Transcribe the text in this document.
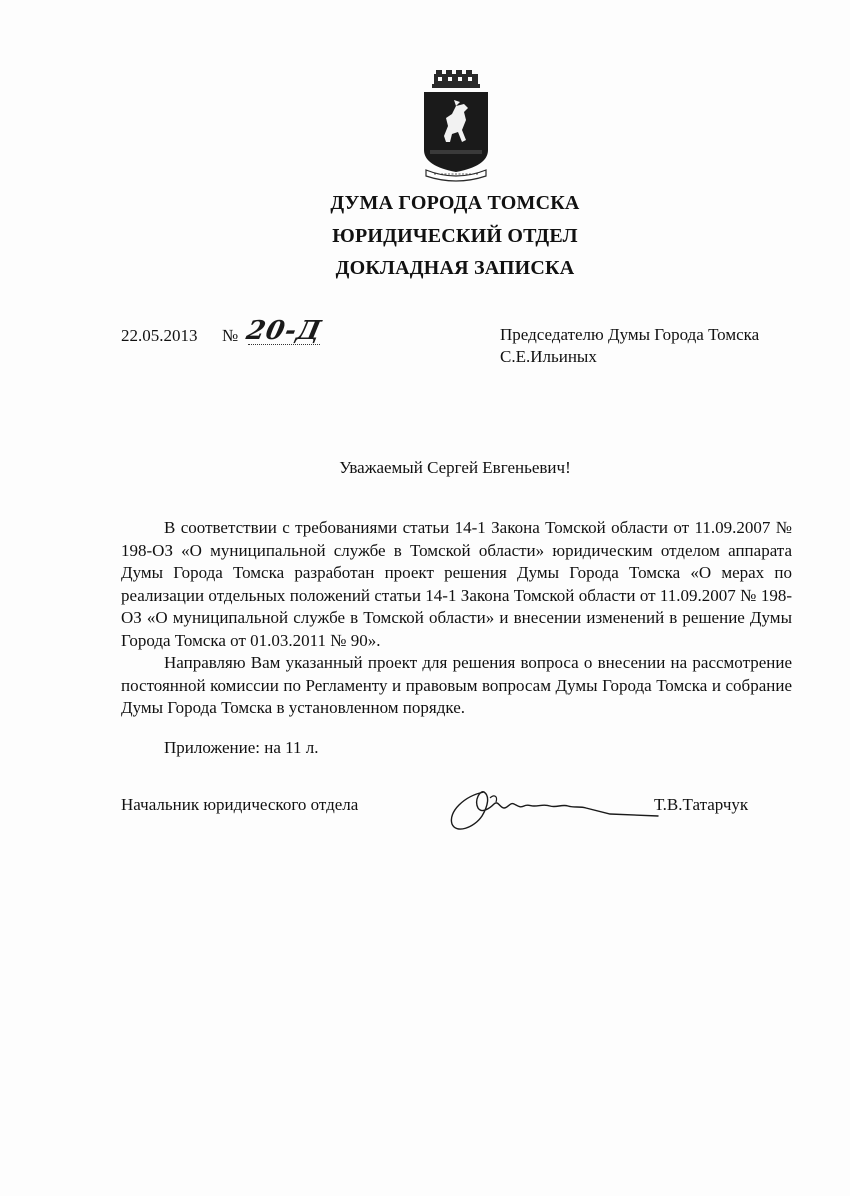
ДУМА ГОРОДА ТОМСКА
ЮРИДИЧЕСКИЙ ОТДЕЛ
ДОКЛАДНАЯ ЗАПИСКА
22.05.2013 № 20-Д	Председателю Думы Города Томска
С.Е.Ильиных
Уважаемый Сергей Евгеньевич!

В соответствии с требованиями статьи 14-1 Закона Томской области от 11.09.2007 № 198-ОЗ «О муниципальной службе в Томской области» юридическим отделом аппарата Думы Города Томска разработан проект решения Думы Города Томска «О мерах по реализации отдельных положений статьи 14-1 Закона Томской области от 11.09.2007 № 198-ОЗ «О муниципальной службе в Томской области» и внесении изменений в решение Думы Города Томска от 01.03.2011 № 90».

Направляю Вам указанный проект для решения вопроса о внесении на рассмотрение постоянной комиссии по Регламенту и правовым вопросам Думы Города Томска и собрание Думы Города Томска в установленном порядке.

Приложение: на 11 л.
Начальник юридического отдела	Т.В.Татарчук
